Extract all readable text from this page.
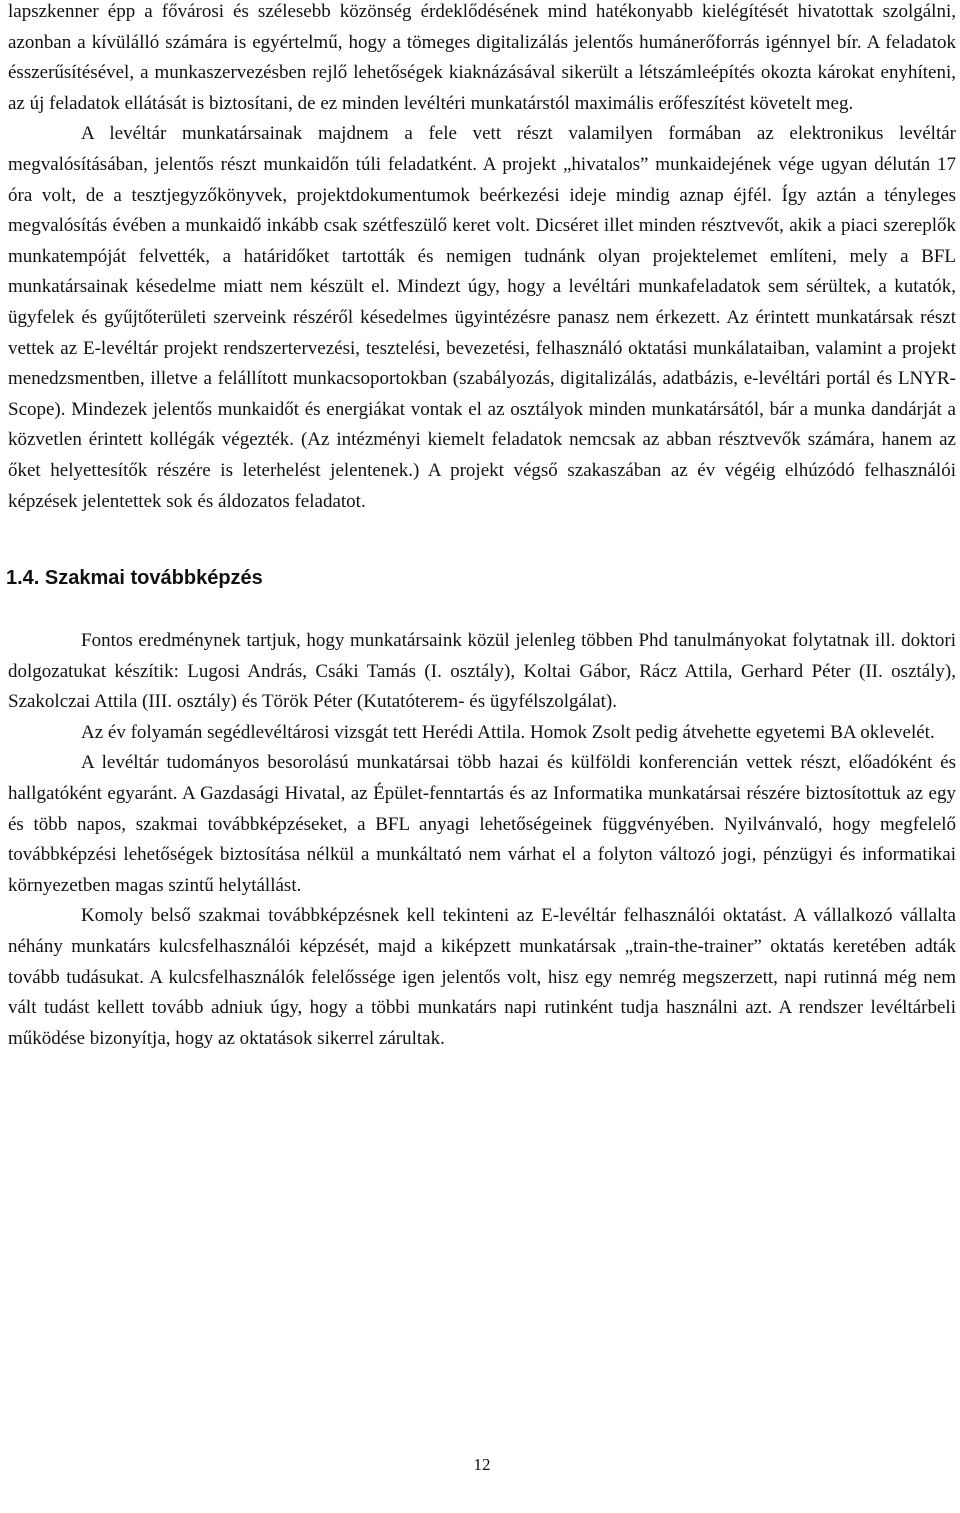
lapszkenner épp a fővárosi és szélesebb közönség érdeklődésének mind hatékonyabb kielégítését hivatottak szolgálni, azonban a kívülálló számára is egyértelmű, hogy a tömeges digitalizálás jelentős humánerőforrás igénnyel bír. A feladatok ésszerűsítésével, a munkaszervezésben rejlő lehetőségek kiaknázásával sikerült a létszámleépítés okozta károkat enyhíteni, az új feladatok ellátását is biztosítani, de ez minden levéltéri munkatárstól maximális erőfeszítést követelt meg.

A levéltár munkatársainak majdnem a fele vett részt valamilyen formában az elektronikus levéltár megvalósításában, jelentős részt munkaidőn túli feladatként. A projekt „hivatalos” munkaidejének vége ugyan délután 17 óra volt, de a tesztjegyzőkönyvek, projektdokumentumok beérkezési ideje mindig aznap éjfél. Így aztán a tényleges megvalósítás évében a munkaidő inkább csak szétfeszülő keret volt. Dicséret illet minden résztvevőt, akik a piaci szereplők munkatempóját felvették, a határidőket tartották és nemigen tudnánk olyan projektelemet említeni, mely a BFL munkatársainak késedelme miatt nem készült el. Mindezt úgy, hogy a levéltári munkafeladatok sem sérültek, a kutatók, ügyfelek és gyűjtőterületi szerveink részéről késedelmes ügyintézésre panasz nem érkezett. Az érintett munkatársak részt vettek az E-levéltár projekt rendszertervezési, tesztelési, bevezetési, felhasználó oktatási munkálataiban, valamint a projekt menedzsmentben, illetve a felállított munkacsoportokban (szabályozás, digitalizálás, adatbázis, e-levéltári portál és LNYR-Scope). Mindezek jelentős munkaidőt és energiákat vontak el az osztályok minden munkatársától, bár a munka dandárját a közvetlen érintett kollégák végezték. (Az intézményi kiemelt feladatok nemcsak az abban résztvevők számára, hanem az őket helyettesítők részére is leterhelést jelentenek.) A projekt végső szakaszában az év végéig elhúzódó felhasználói képzések jelentettek sok és áldozatos feladatot.

1.4. Szakmai továbbképzés

Fontos eredménynek tartjuk, hogy munkatársaink közül jelenleg többen Phd tanulmányokat folytatnak ill. doktori dolgozatukat készítik: Lugosi András, Csáki Tamás (I. osztály), Koltai Gábor, Rácz Attila, Gerhard Péter (II. osztály), Szakolczai Attila (III. osztály) és Török Péter (Kutatóterem- és ügyfélszolgálat).

Az év folyamán segédlevéltárosi vizsgát tett Herédi Attila. Homok Zsolt pedig átvehette egyetemi BA oklevelét.

A levéltár tudományos besorolású munkatársai több hazai és külföldi konferencián vettek részt, előadóként és hallgatóként egyaránt. A Gazdasági Hivatal, az Épület-fenntartás és az Informatika munkatársai részére biztosítottuk az egy és több napos, szakmai továbbképzéseket, a BFL anyagi lehetőségeinek függvényében. Nyilvánvaló, hogy megfelelő továbbképzési lehetőségek biztosítása nélkül a munkáltató nem várhat el a folyton változó jogi, pénzügyi és informatikai környezetben magas szintű helytállást.

Komoly belső szakmai továbbképzésnek kell tekinteni az E-levéltár felhasználói oktatást. A vállalkozó vállalta néhány munkatárs kulcsfelhasználói képzését, majd a kiképzett munkatársak „train-the-trainer” oktatás keretében adták tovább tudásukat. A kulcsfelhasználók felelőssége igen jelentős volt, hisz egy nemrég megszerzett, napi rutinná még nem vált tudást kellett tovább adniuk úgy, hogy a többi munkatárs napi rutinként tudja használni azt. A rendszer levéltárbeli működése bizonyítja, hogy az oktatások sikerrel zárultak.

12
